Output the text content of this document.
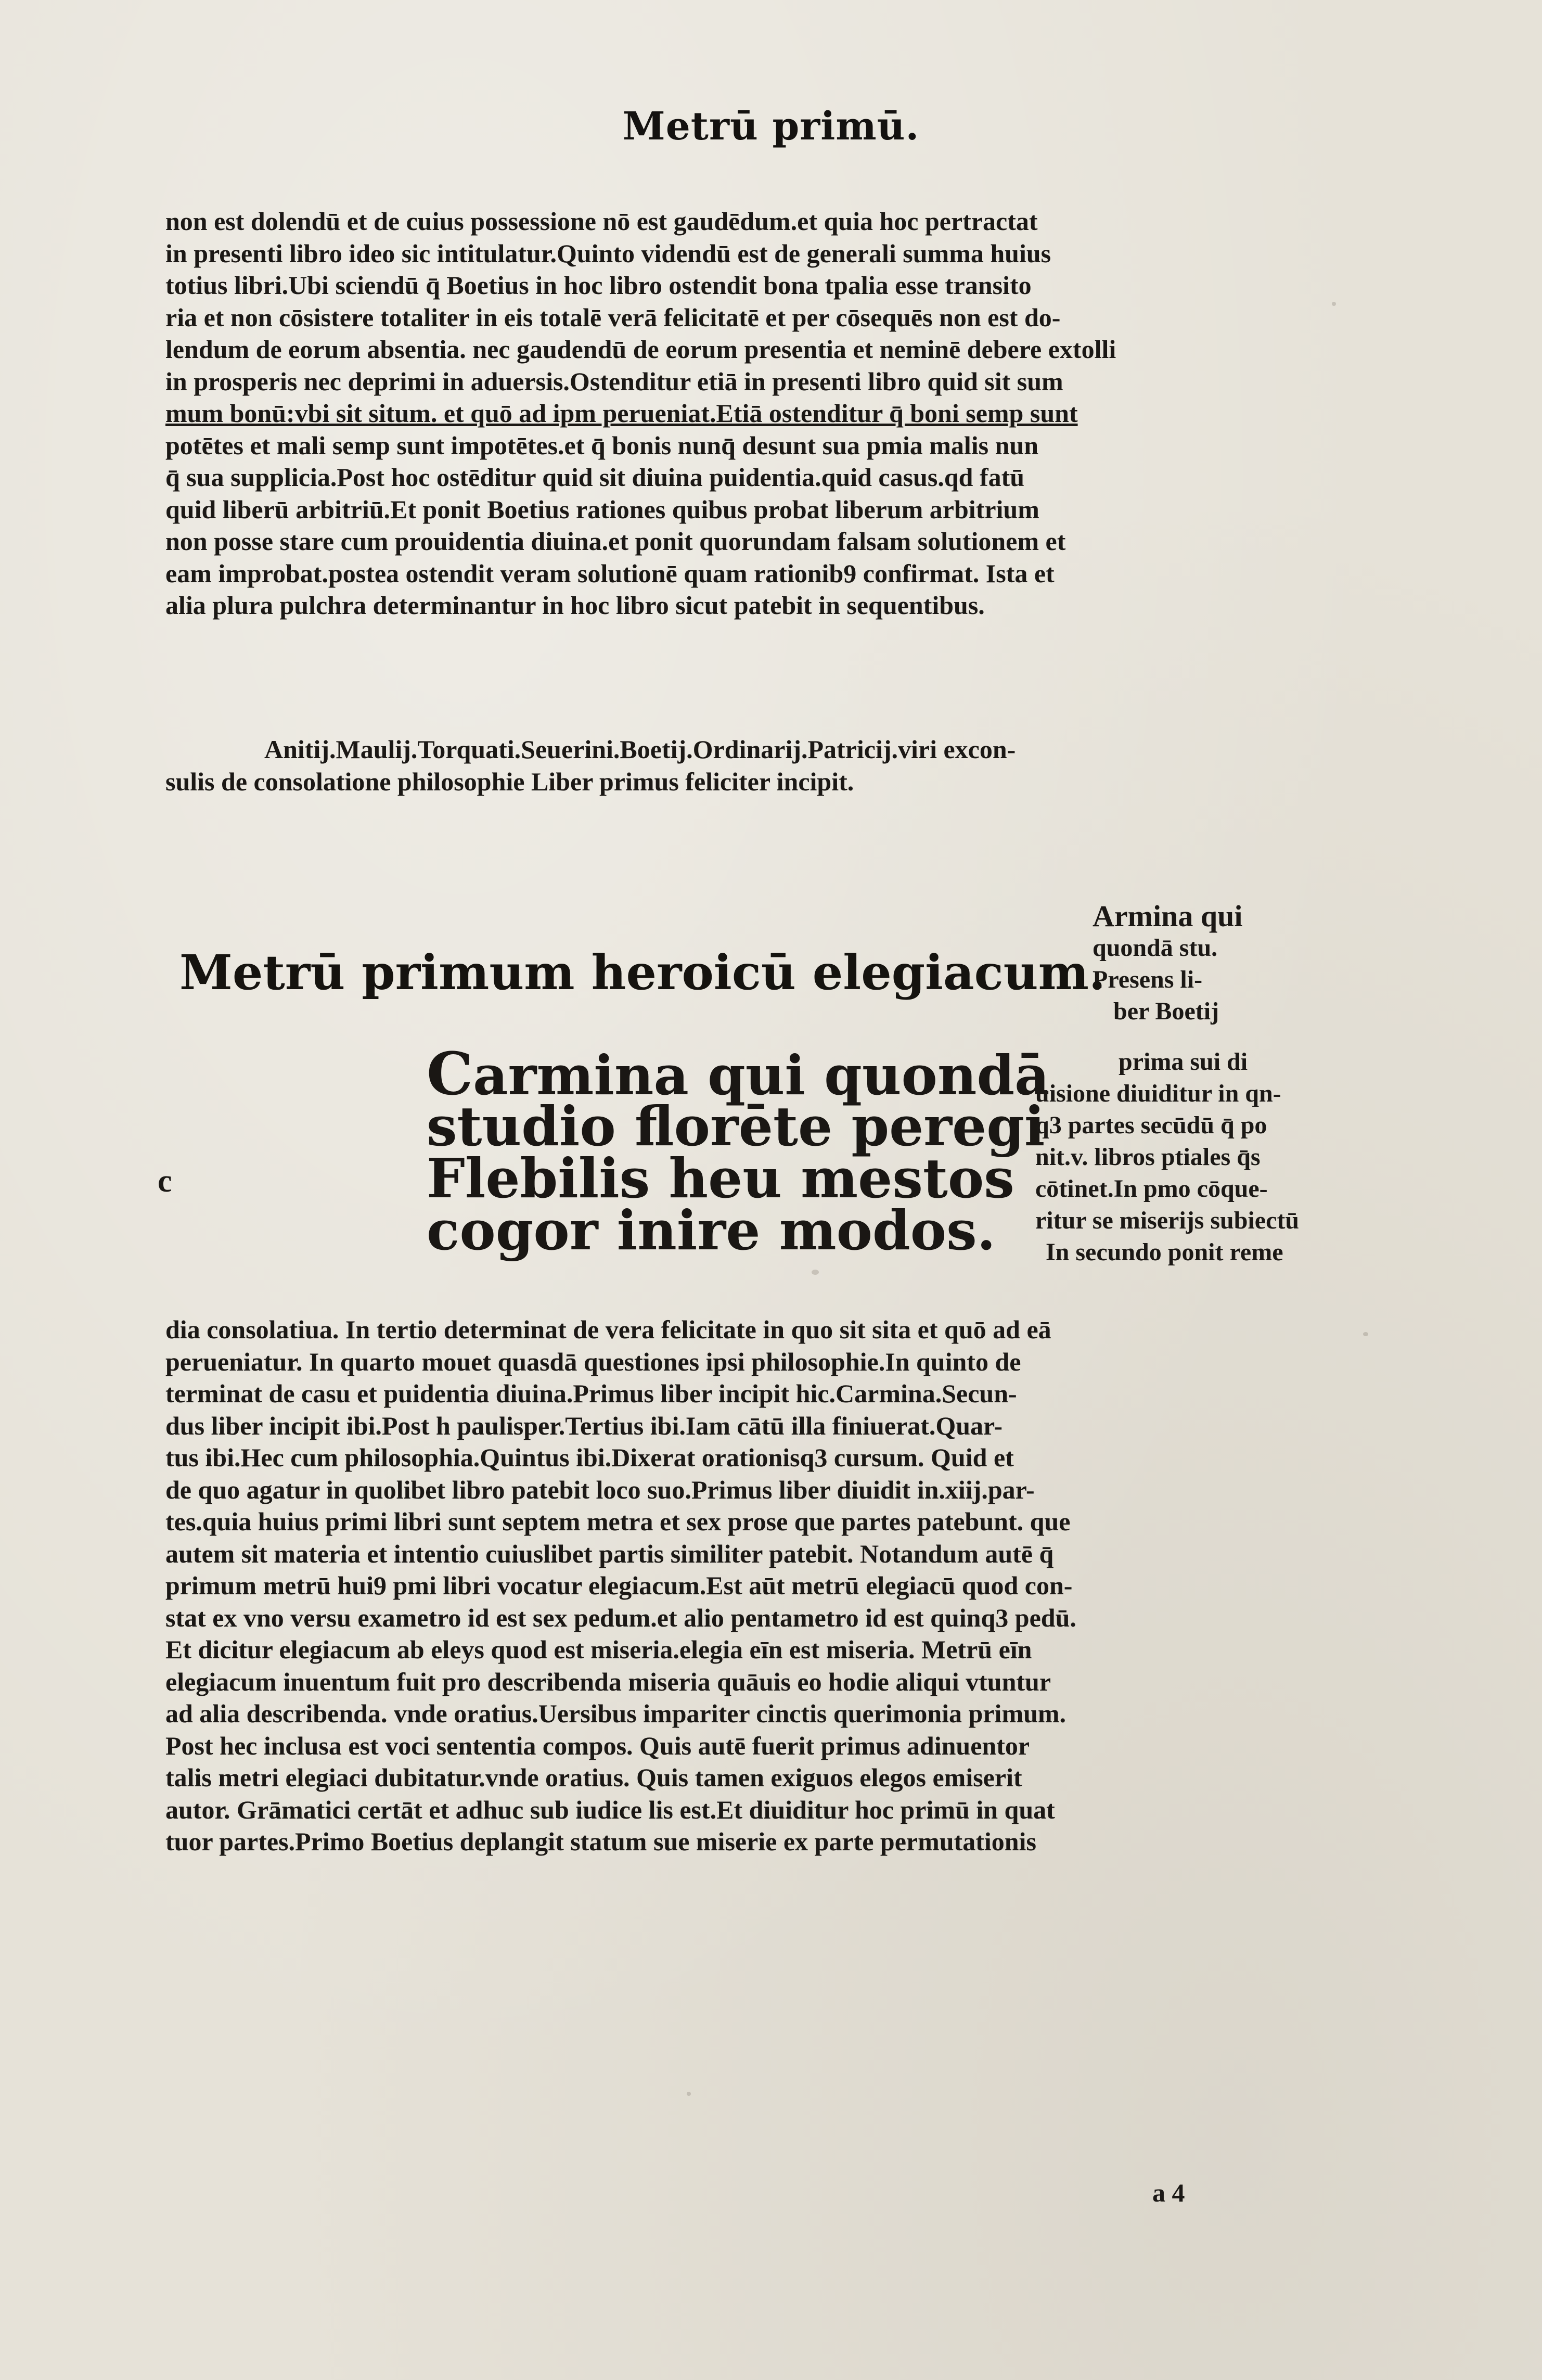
Metrū primū.
non est dolendū et de cuius possessione nō est gaudēdum.et quia hoc pertractat
in presenti libro ideo sic intitulatur.Quinto videndū est de generali summa huius
totius libri.Ubi sciendū q̄ Boetius in hoc libro ostendit bona tpalia esse transito
ria et non cōsistere totaliter in eis totalē verā felicitatē et per cōsequēs non est do-
lendum de eorum absentia. nec gaudendū de eorum presentia et neminē debere extolli
in prosperis nec deprimi in aduersis.Ostenditur etiā in presenti libro quid sit sum
mum bonū:vbi sit situm. et quō ad ipm perueniat.Etiā ostenditur q̄ boni semp sunt
potētes et mali semp sunt impotētes.et q̄ bonis nunq̄ desunt sua pmia malis nun
q̄ sua supplicia.Post hoc ostēditur quid sit diuina puidentia.quid casus.qd fatū
quid liberū arbitriū.Et ponit Boetius rationes quibus probat liberum arbitrium
non posse stare cum prouidentia diuina.et ponit quorundam falsam solutionem et
eam improbat.postea ostendit veram solutionē quam rationib9 confirmat. Ista et
alia plura pulchra determinantur in hoc libro sicut patebit in sequentibus.
Anitij.Maulij.Torquati.Seuerini.Boetij.Ordinarij.Patricij.viri excon-
sulis de consolatione philosophie Liber primus feliciter incipit.
Armina qui
quondā stu.
Presens li-
ber Boetij
Metrū primum heroicū elegiacum.
Carmina qui quondā
studio florēte peregi
Flebilis heu mestos
cogor inire modos.
c
prima sui di
uisione diuiditur in qn-
q3 partes secūdū q̄ po
nit.v. libros ptiales q̄s
cōtinet.In pmo cōque-
ritur se miserijs subiectū
In secundo ponit reme
dia consolatiua. In tertio determinat de vera felicitate in quo sit sita et quō ad eā
perueniatur. In quarto mouet quasdā questiones ipsi philosophie.In quinto de
terminat de casu et puidentia diuina.Primus liber incipit hic.Carmina.Secun-
dus liber incipit ibi.Post h paulisper.Tertius ibi.Iam cātū illa finiuerat.Quar-
tus ibi.Hec cum philosophia.Quintus ibi.Dixerat orationisq3 cursum. Quid et
de quo agatur in quolibet libro patebit loco suo.Primus liber diuidit in.xiij.par-
tes.quia huius primi libri sunt septem metra et sex prose que partes patebunt. que
autem sit materia et intentio cuiuslibet partis similiter patebit. Notandum autē q̄
primum metrū hui9 pmi libri vocatur elegiacum.Est aūt metrū elegiacū quod con-
stat ex vno versu exametro id est sex pedum.et alio pentametro id est quinq3 pedū.
Et dicitur elegiacum ab eleys quod est miseria.elegia eīn est miseria. Metrū eīn
elegiacum inuentum fuit pro describenda miseria quāuis eo hodie aliqui vtuntur
ad alia describenda. vnde oratius.Uersibus impariter cinctis querimonia primum.
Post hec inclusa est voci sententia compos. Quis autē fuerit primus adinuentor
talis metri elegiaci dubitatur.vnde oratius. Quis tamen exiguos elegos emiserit
autor. Grāmatici certāt et adhuc sub iudice lis est.Et diuiditur hoc primū in quat
tuor partes.Primo Boetius deplangit statum sue miserie ex parte permutationis
a 4
